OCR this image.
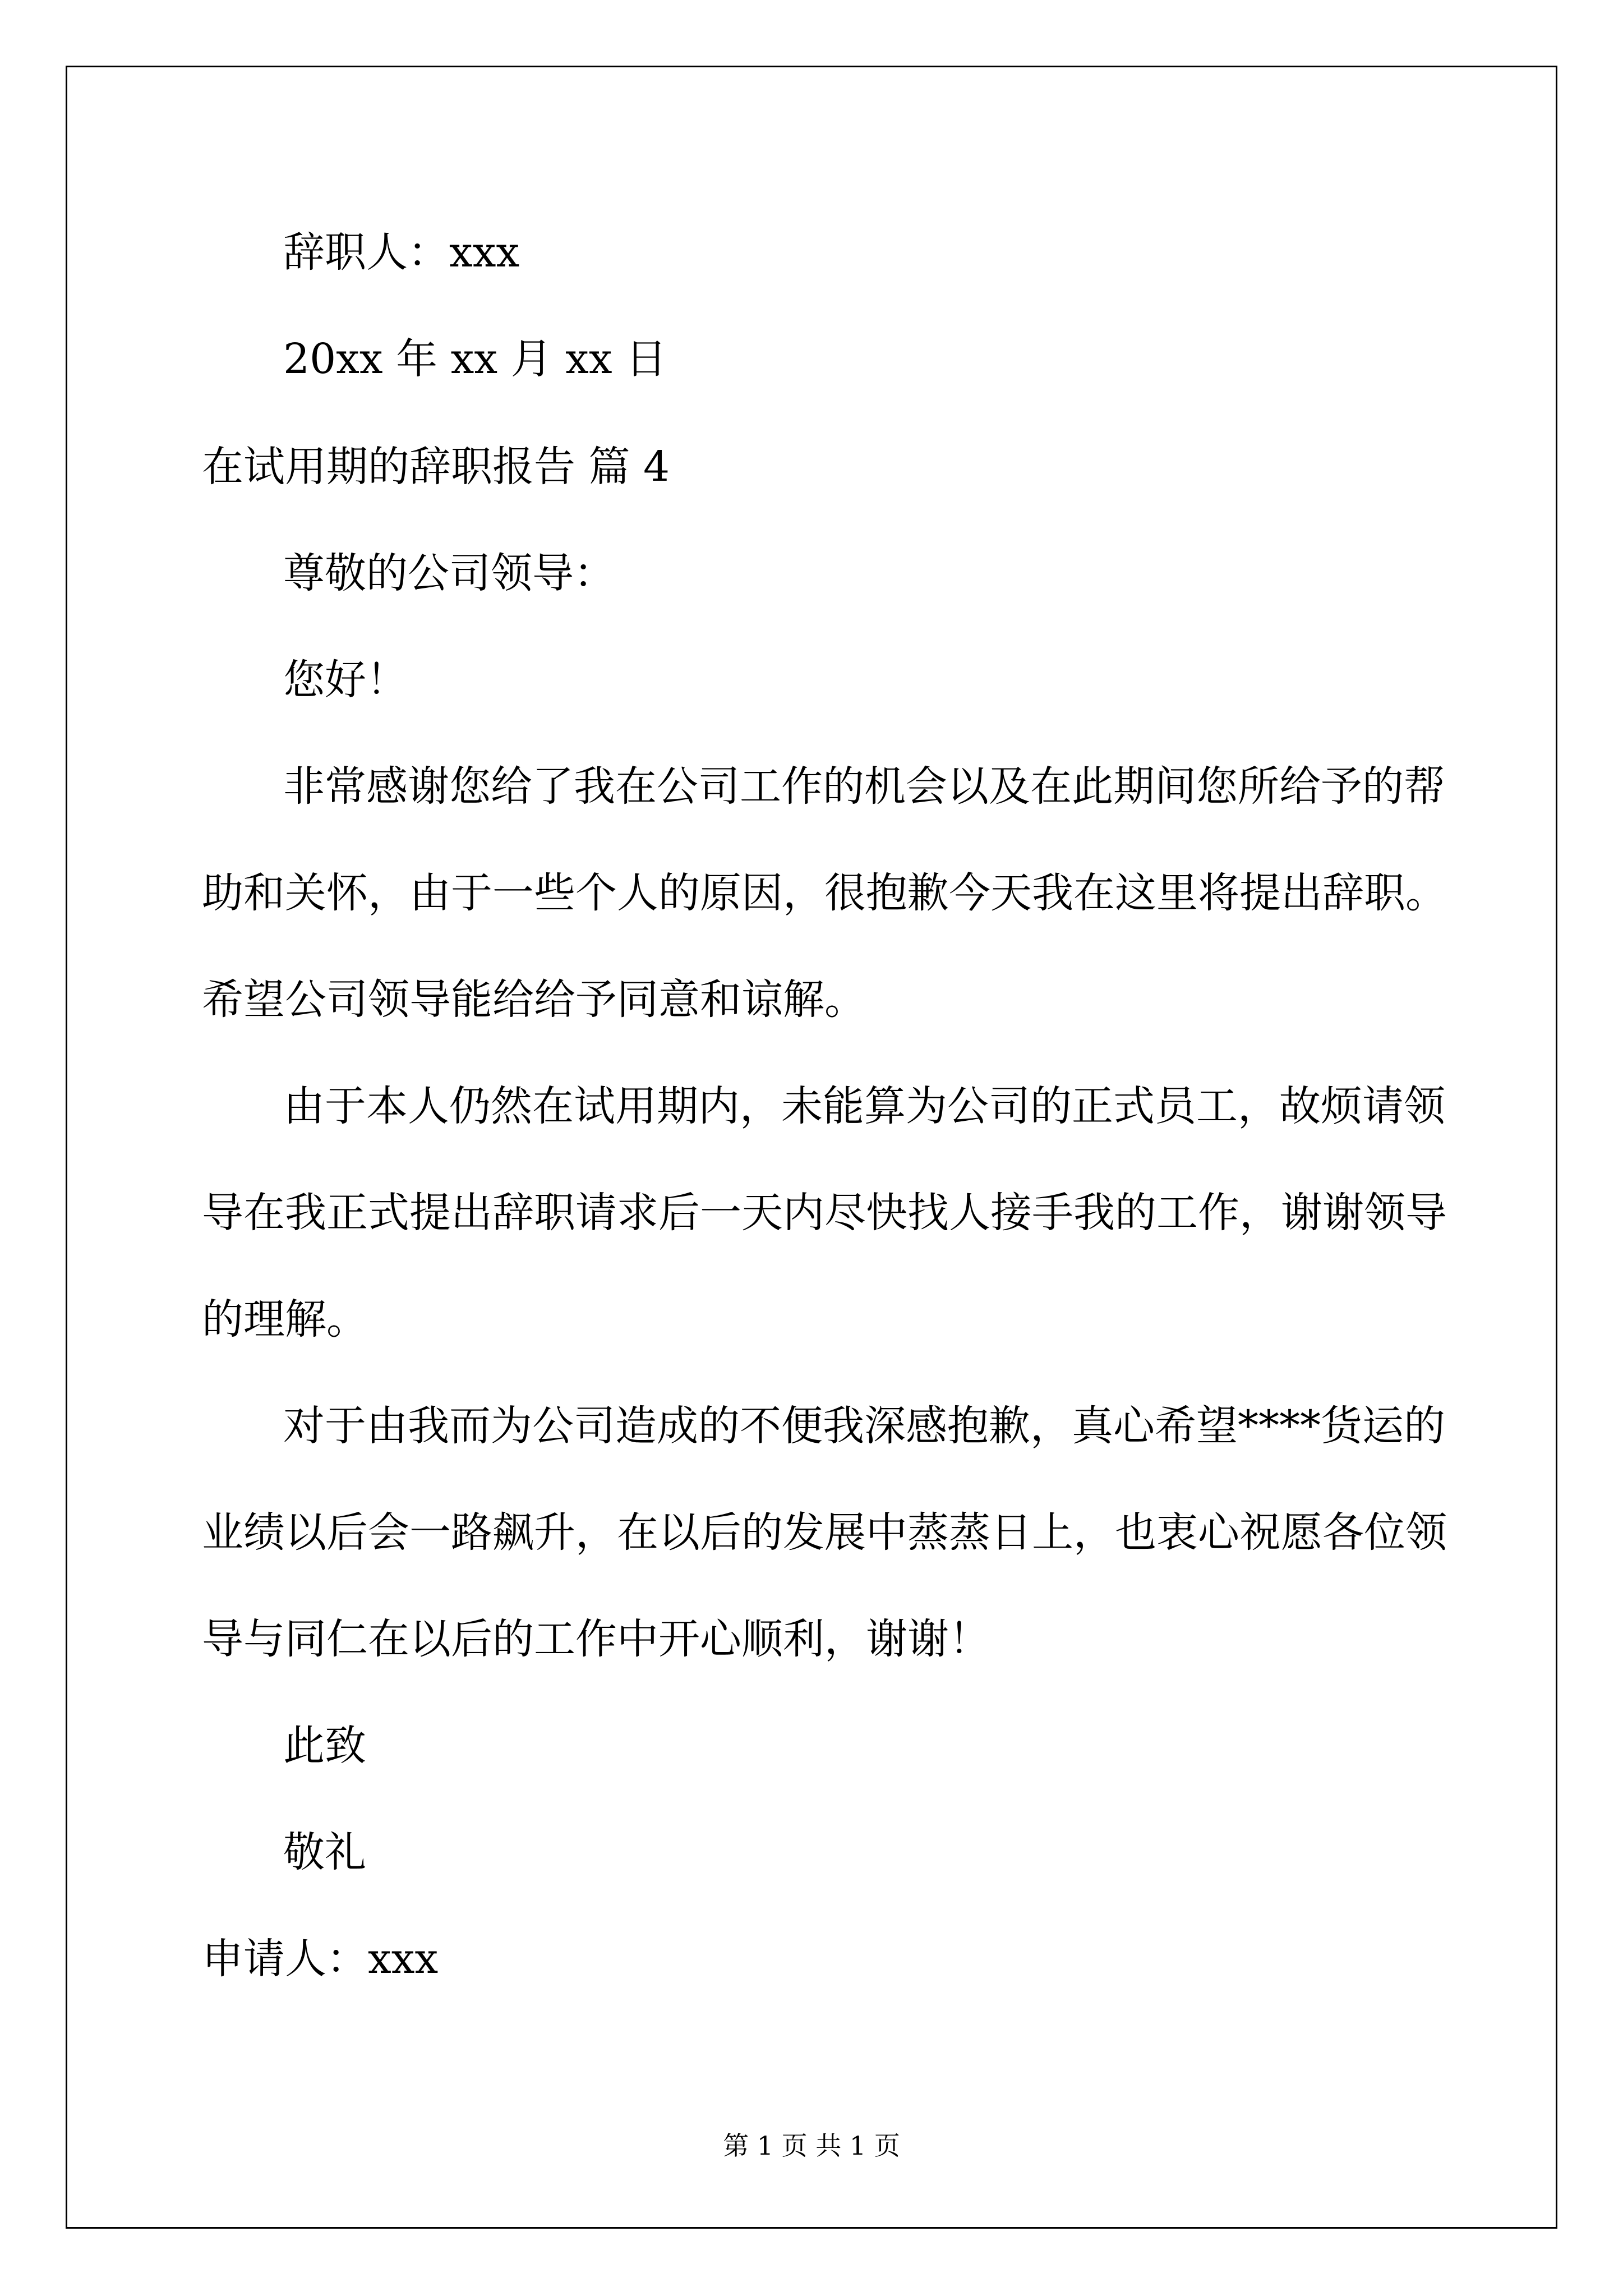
辞职人：xxx
20xx 年 xx 月 xx 日
在试用期的辞职报告 篇 4
尊敬的公司领导：
您好！
非常感谢您给了我在公司工作的机会以及在此期间您所给予的帮
助和关怀，由于一些个人的原因，很抱歉今天我在这里将提出辞职。
希望公司领导能给给予同意和谅解。
由于本人仍然在试用期内，未能算为公司的正式员工，故烦请领
导在我正式提出辞职请求后一天内尽快找人接手我的工作，谢谢领导
的理解。
对于由我而为公司造成的不便我深感抱歉，真心希望****货运的
业绩以后会一路飙升，在以后的发展中蒸蒸日上，也衷心祝愿各位领
导与同仁在以后的工作中开心顺利，谢谢！
此致
敬礼
申请人：xxx
第 1 页 共 1 页
